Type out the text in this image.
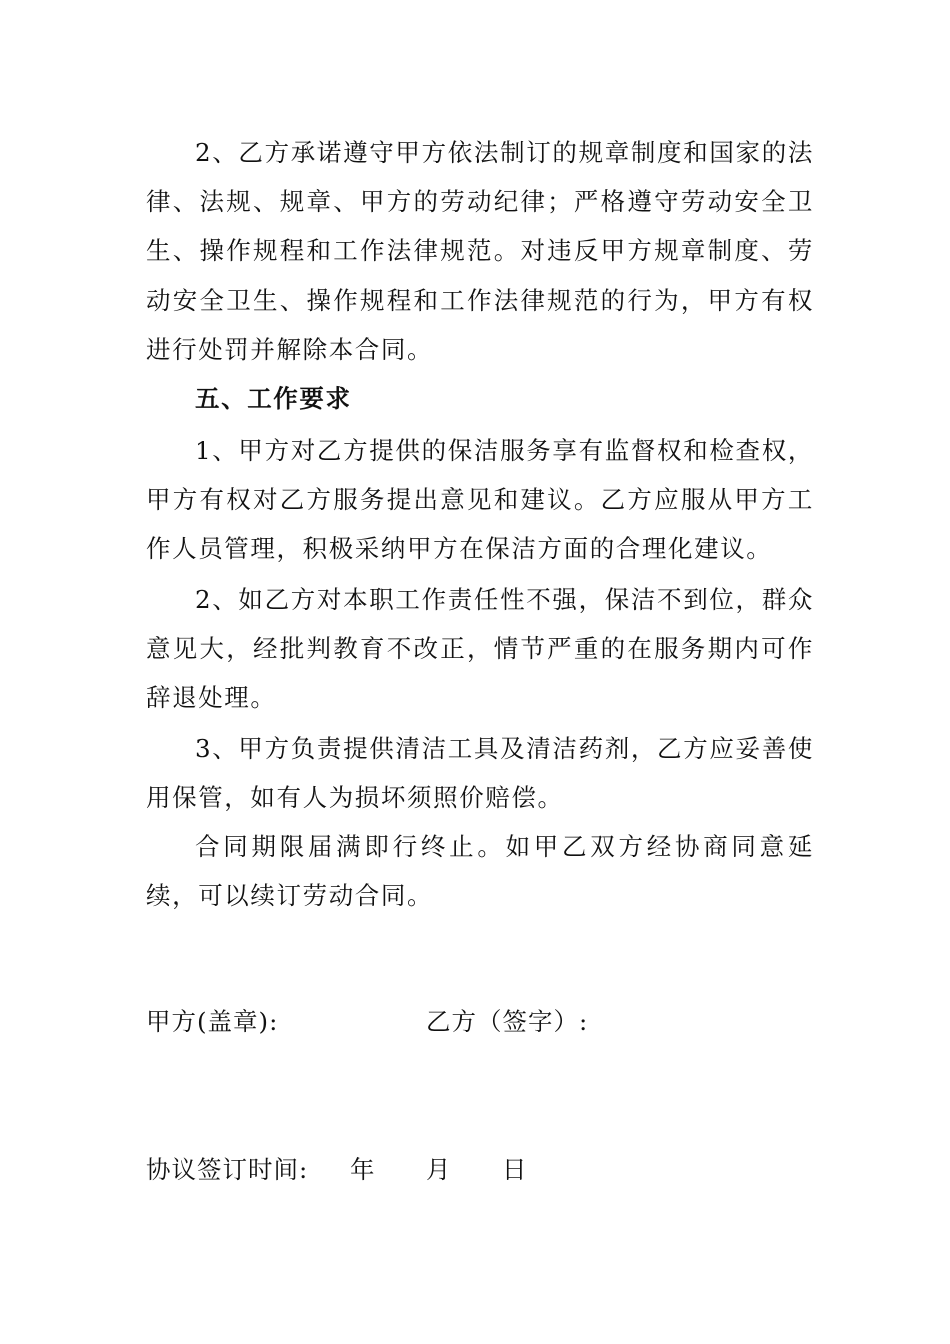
2、乙方承诺遵守甲方依法制订的规章制度和国家的法律、法规、规章、甲方的劳动纪律；严格遵守劳动安全卫生、操作规程和工作法律规范。对违反甲方规章制度、劳动安全卫生、操作规程和工作法律规范的行为，甲方有权进行处罚并解除本合同。

五、工作要求

1、甲方对乙方提供的保洁服务享有监督权和检查权，甲方有权对乙方服务提出意见和建议。乙方应服从甲方工作人员管理，积极采纳甲方在保洁方面的合理化建议。

2、如乙方对本职工作责任性不强，保洁不到位，群众意见大，经批判教育不改正，情节严重的在服务期内可作辞退处理。

3、甲方负责提供清洁工具及清洁药剂，乙方应妥善使用保管，如有人为损坏须照价赔偿。

合同期限届满即行终止。如甲乙双方经协商同意延续，可以续订劳动合同。

甲方(盖章):	乙方（签字）:
协议签订时间: 年 月 日
